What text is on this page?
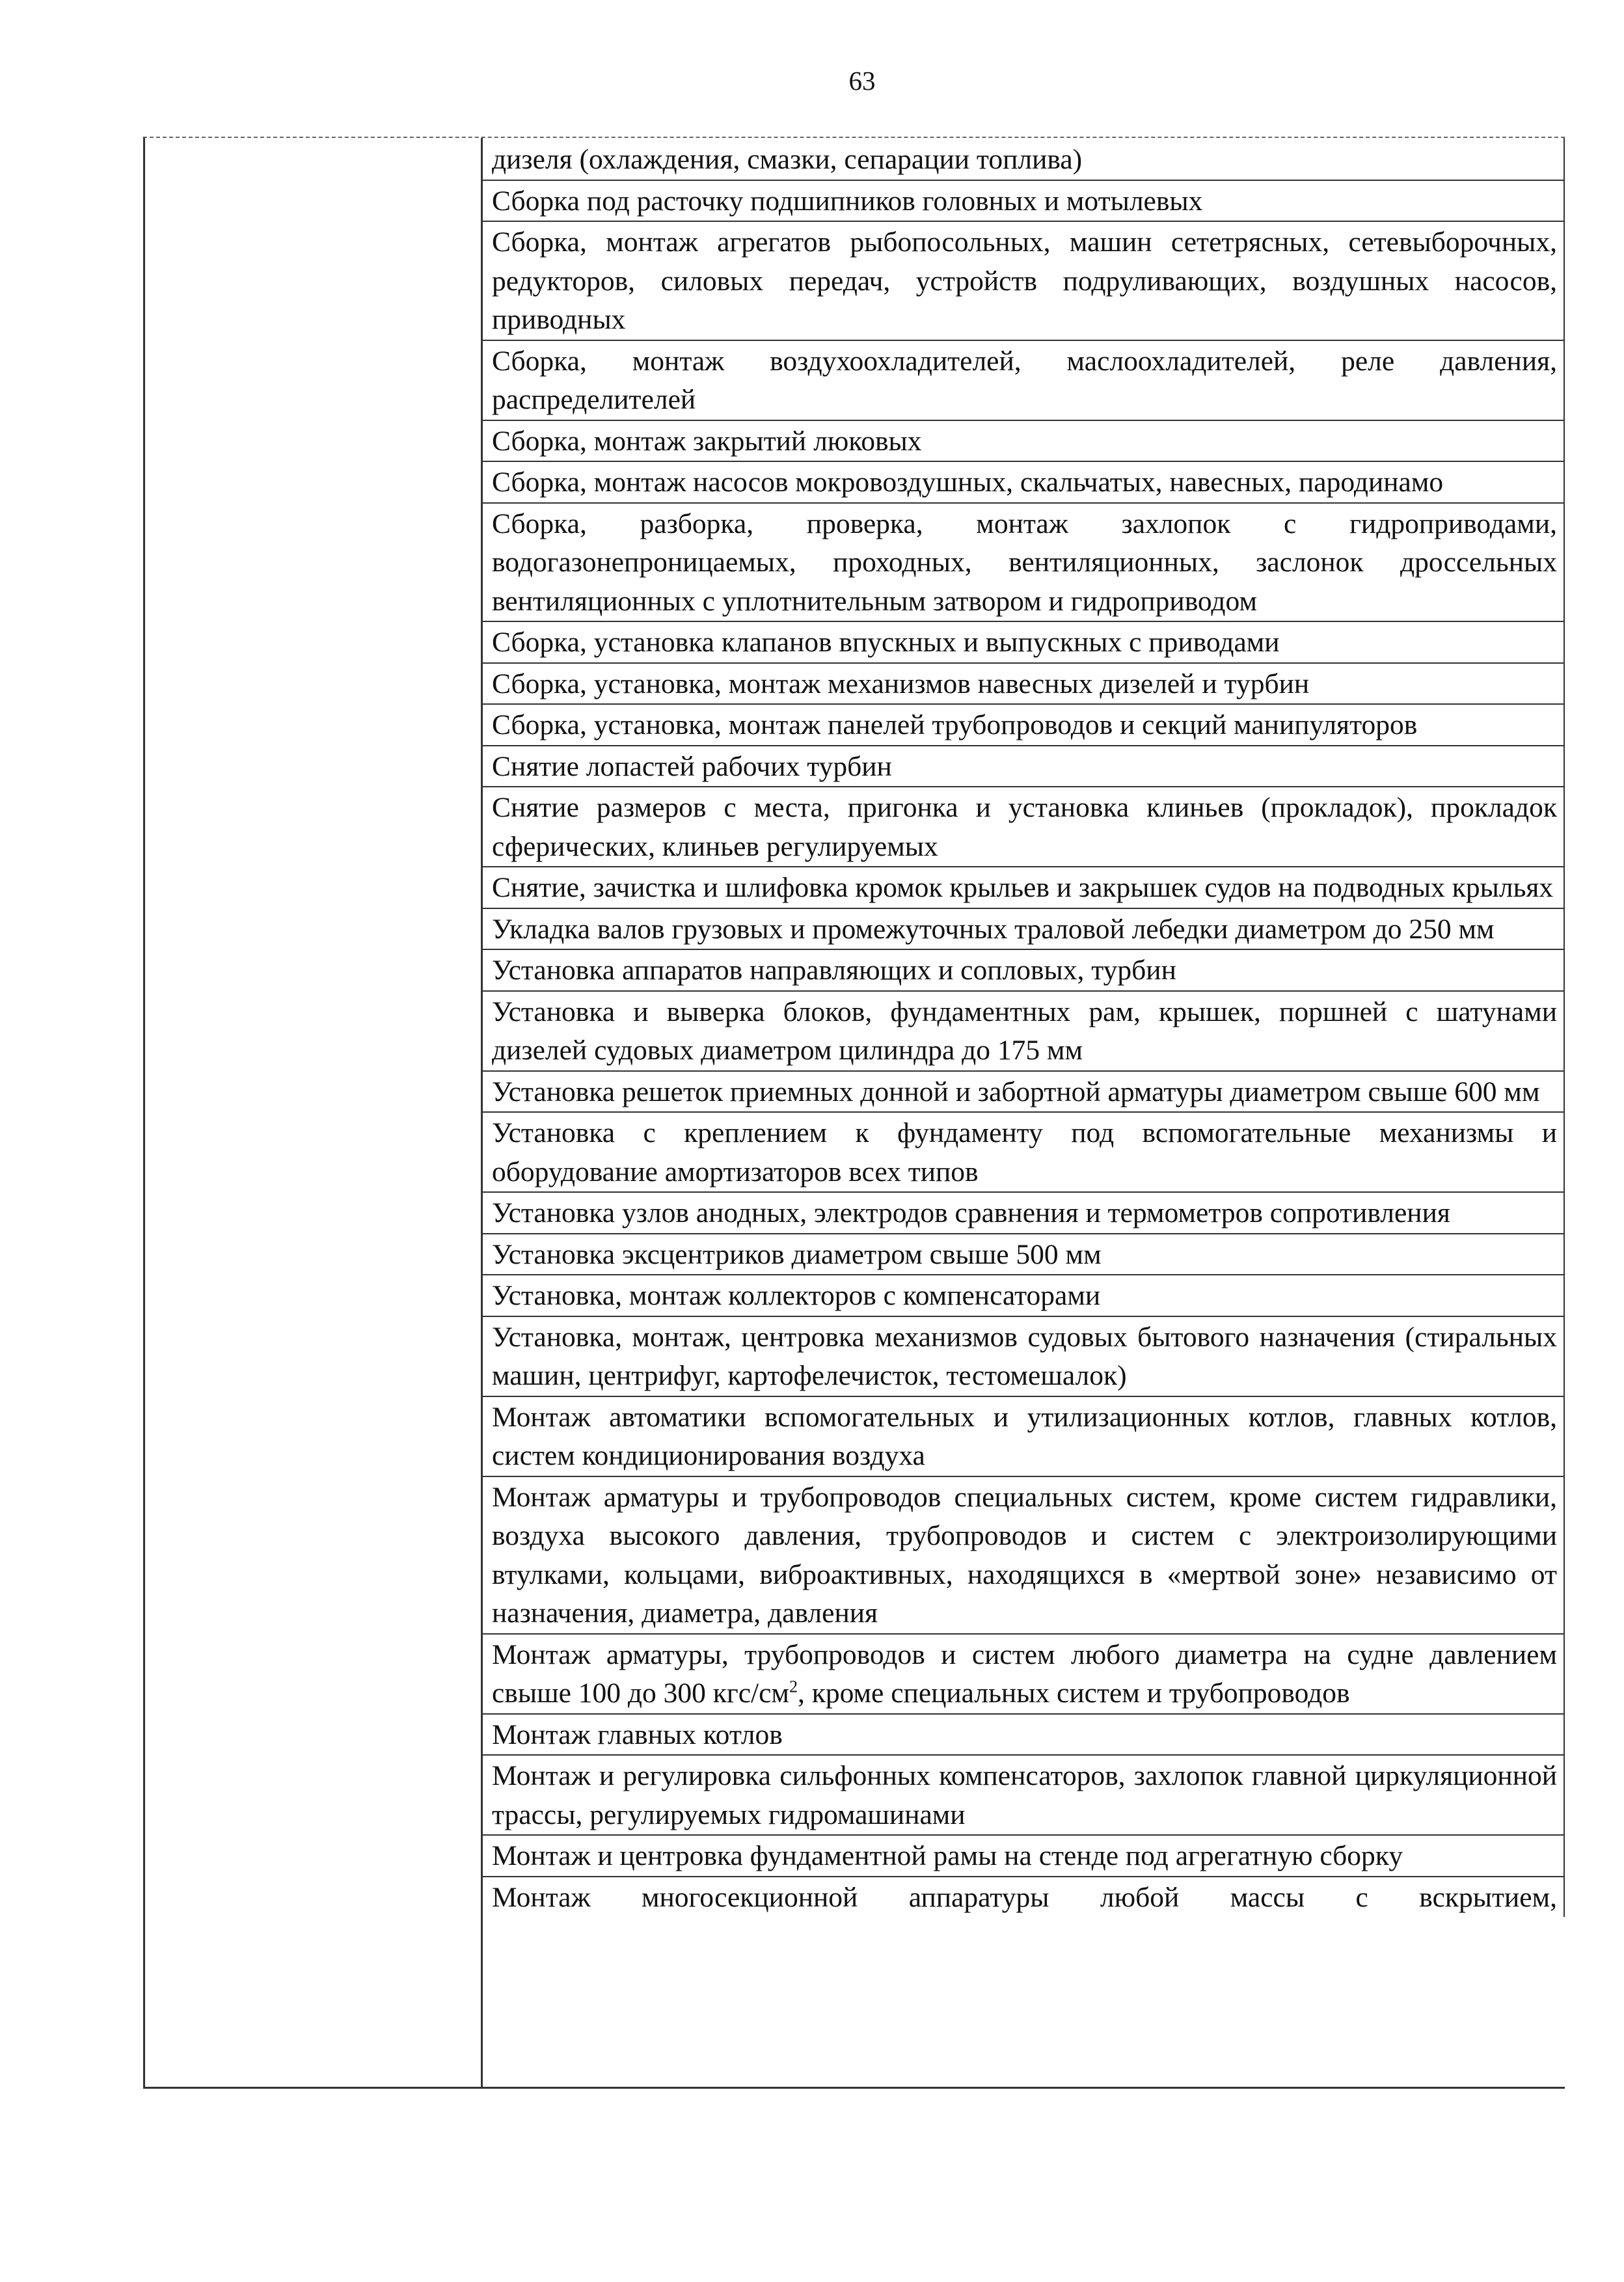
63
дизеля (охлаждения, смазки, сепарации топлива)
Сборка под расточку подшипников головных и мотылевых
Сборка, монтаж агрегатов рыбопосольных, машин сететрясных, сетевыборочных, редукторов, силовых передач, устройств подруливающих, воздушных насосов, приводных
Сборка, монтаж воздухоохладителей, маслоохладителей, реле давления, распределителей
Сборка, монтаж закрытий люковых
Сборка, монтаж насосов мокровоздушных, скальчатых, навесных, пародинамо
Сборка, разборка, проверка, монтаж захлопок с гидроприводами, водогазонепроницаемых, проходных, вентиляционных, заслонок дроссельных вентиляционных с уплотнительным затвором и гидроприводом
Сборка, установка клапанов впускных и выпускных с приводами
Сборка, установка, монтаж механизмов навесных дизелей и турбин
Сборка, установка, монтаж панелей трубопроводов и секций манипуляторов
Снятие лопастей рабочих турбин
Снятие размеров с места, пригонка и установка клиньев (прокладок), прокладок сферических, клиньев регулируемых
Снятие, зачистка и шлифовка кромок крыльев и закрышек судов на подводных крыльях
Укладка валов грузовых и промежуточных траловой лебедки диаметром до 250 мм
Установка аппаратов направляющих и сопловых, турбин
Установка и выверка блоков, фундаментных рам, крышек, поршней с шатунами дизелей судовых диаметром цилиндра до 175 мм
Установка решеток приемных донной и забортной арматуры диаметром свыше 600 мм
Установка с креплением к фундаменту под вспомогательные механизмы и оборудование амортизаторов всех типов
Установка узлов анодных, электродов сравнения и термометров сопротивления
Установка эксцентриков диаметром свыше 500 мм
Установка, монтаж коллекторов с компенсаторами
Установка, монтаж, центровка механизмов судовых бытового назначения (стиральных машин, центрифуг, картофелечисток, тестомешалок)
Монтаж автоматики вспомогательных и утилизационных котлов, главных котлов, систем кондиционирования воздуха
Монтаж арматуры и трубопроводов специальных систем, кроме систем гидравлики, воздуха высокого давления, трубопроводов и систем с электроизолирующими втулками, кольцами, виброактивных, находящихся в «мертвой зоне» независимо от назначения, диаметра, давления
Монтаж арматуры, трубопроводов и систем любого диаметра на судне давлением свыше 100 до 300 кгс/$см^2$, кроме специальных систем и трубопроводов
Монтаж главных котлов
Монтаж и регулировка сильфонных компенсаторов, захлопок главной циркуляционной трассы, регулируемых гидромашинами
Монтаж и центровка фундаментной рамы на стенде под агрегатную сборку
Монтаж многосекционной аппаратуры любой массы с вскрытием,
